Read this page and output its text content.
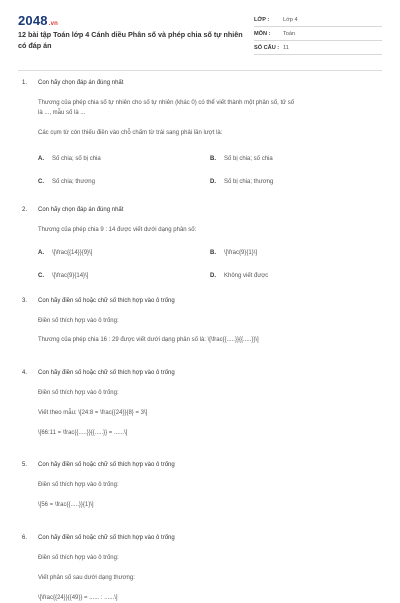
2048.vn
12 bài tập Toán lớp 4 Cánh diều Phân số và phép chia số tự nhiên có đáp án
LỚP :	Lớp 4
MÔN :	Toán
SỐ CÂU : 11
1.	Con hãy chọn đáp án đúng nhất
Thương của phép chia số tự nhiên cho số tự nhiên (khác 0) có thể viết thành một phân số, tử số
là ..., mẫu số là ...
Các cụm từ còn thiếu điền vào chỗ chấm từ trái sang phải lần lượt là:
A.	Số chia; số bị chia	B.	Số bị chia; số chia
C.	Số chia; thương	D.	Số bị chia; thương
2.	Con hãy chọn đáp án đúng nhất
Thương của phép chia 9 : 14 được viết dưới dạng phân số:
A.	\[\frac{{14}}{9}\]	B.	\[\frac{9}{1}\]
C.	\[\frac{9}{14}\]	D.	Không viết được
3.	Con hãy điền số hoặc chữ số thích hợp vào ô trống
Điền số thích hợp vào ô trống:
Thương của phép chia 16 : 29 được viết dưới dạng phân số là: \[\frac{{.....}}{{.....}}\]
4.	Con hãy điền số hoặc chữ số thích hợp vào ô trống
Điền số thích hợp vào ô trống:
Viết theo mẫu: \[24:8 = \frac{{24}}{8} = 3\]
\[66:11 = \frac{{.....}}{{.....}} = ......\]
5.	Con hãy điền số hoặc chữ số thích hợp vào ô trống
Điền số thích hợp vào ô trống:
\[56 = \frac{{.....}}{1}\]
6.	Con hãy điền số hoặc chữ số thích hợp vào ô trống
Điền số thích hợp vào ô trống:
Viết phân số sau dưới dạng thương:
\[\frac{{24}}{{49}} = ...... : ......\]
